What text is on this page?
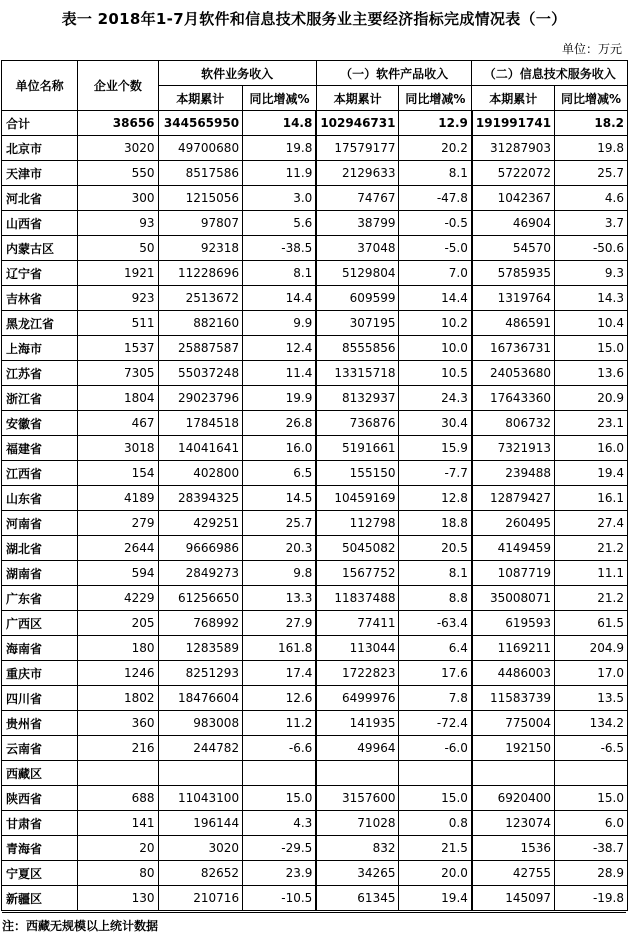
表一 2018年1-7月软件和信息技术服务业主要经济指标完成情况表（一）
单位：万元
单位名称	企业个数	软件业务收入		（一）软件产品收入		（二）信息技术服务收入	
		本期累计	同比增减%	本期累计	同比增减%	本期累计	同比增减%
合计	38656	344565950	14.8	102946731	12.9	191991741	18.2
北京市	3020	49700680	19.8	17579177	20.2	31287903	19.8
天津市	550	8517586	11.9	2129633	8.1	5722072	25.7
河北省	300	1215056	3.0	74767	-47.8	1042367	4.6
山西省	93	97807	5.6	38799	-0.5	46904	3.7
内蒙古区	50	92318	-38.5	37048	-5.0	54570	-50.6
辽宁省	1921	11228696	8.1	5129804	7.0	5785935	9.3
吉林省	923	2513672	14.4	609599	14.4	1319764	14.3
黑龙江省	511	882160	9.9	307195	10.2	486591	10.4
上海市	1537	25887587	12.4	8555856	10.0	16736731	15.0
江苏省	7305	55037248	11.4	13315718	10.5	24053680	13.6
浙江省	1804	29023796	19.9	8132937	24.3	17643360	20.9
安徽省	467	1784518	26.8	736876	30.4	806732	23.1
福建省	3018	14041641	16.0	5191661	15.9	7321913	16.0
江西省	154	402800	6.5	155150	-7.7	239488	19.4
山东省	4189	28394325	14.5	10459169	12.8	12879427	16.1
河南省	279	429251	25.7	112798	18.8	260495	27.4
湖北省	2644	9666986	20.3	5045082	20.5	4149459	21.2
湖南省	594	2849273	9.8	1567752	8.1	1087719	11.1
广东省	4229	61256650	13.3	11837488	8.8	35008071	21.2
广西区	205	768992	27.9	77411	-63.4	619593	61.5
海南省	180	1283589	161.8	113044	6.4	1169211	204.9
重庆市	1246	8251293	17.4	1722823	17.6	4486003	17.0
四川省	1802	18476604	12.6	6499976	7.8	11583739	13.5
贵州省	360	983008	11.2	141935	-72.4	775004	134.2
云南省	216	244782	-6.6	49964	-6.0	192150	-6.5
西藏区							
陕西省	688	11043100	15.0	3157600	15.0	6920400	15.0
甘肃省	141	196144	4.3	71028	0.8	123074	6.0
青海省	20	3020	-29.5	832	21.5	1536	-38.7
宁夏区	80	82652	23.9	34265	20.0	42755	28.9
新疆区	130	210716	-10.5	61345	19.4	145097	-19.8
注：西藏无规模以上统计数据
